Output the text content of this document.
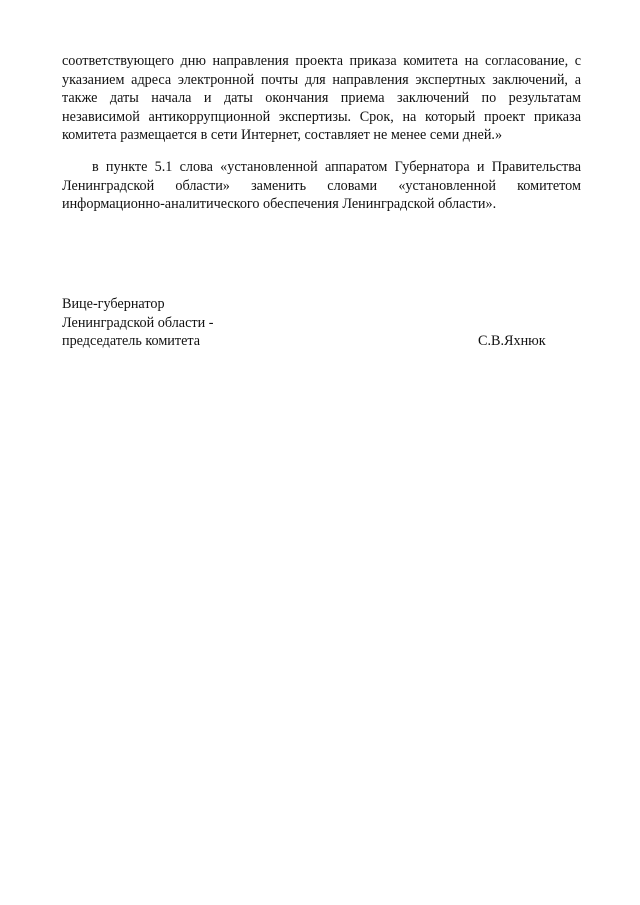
соответствующего дню направления проекта приказа комитета на согласование, с
указанием адреса электронной почты для направления экспертных заключений, а
также даты начала и даты окончания приема заключений по результатам
независимой антикоррупционной экспертизы. Срок, на который проект приказа
комитета размещается в сети Интернет, составляет не менее семи дней.»

в пункте 5.1 слова «установленной аппаратом Губернатора и Правительства
Ленинградской области» заменить словами «установленной комитетом
информационно-аналитического обеспечения Ленинградской области».

Вице-губернатор
Ленинградской области -
председатель комитета	С.В.Яхнюк
